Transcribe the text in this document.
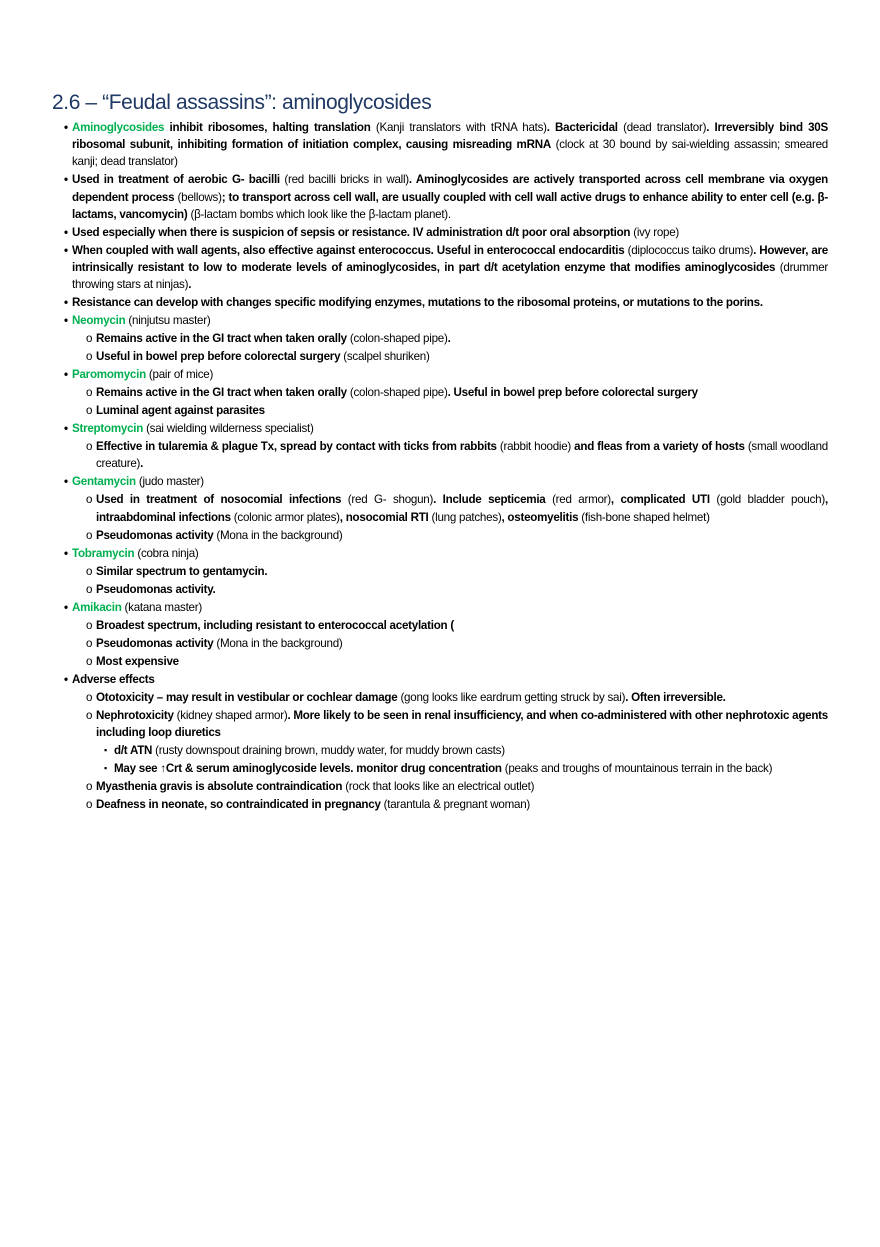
2.6 – “Feudal assassins”: aminoglycosides
• Aminoglycosides inhibit ribosomes, halting translation (Kanji translators with tRNA hats). Bactericidal (dead translator). Irreversibly bind 30S ribosomal subunit, inhibiting formation of initiation complex, causing misreading mRNA (clock at 30 bound by sai-wielding assassin; smeared kanji; dead translator)
• Used in treatment of aerobic G- bacilli (red bacilli bricks in wall). Aminoglycosides are actively transported across cell membrane via oxygen dependent process (bellows); to transport across cell wall, are usually coupled with cell wall active drugs to enhance ability to enter cell (e.g. β-lactams, vancomycin) (β-lactam bombs which look like the β-lactam planet).
• Used especially when there is suspicion of sepsis or resistance. IV administration d/t poor oral absorption (ivy rope)
• When coupled with wall agents, also effective against enterococcus. Useful in enterococcal endocarditis (diplococcus taiko drums). However, are intrinsically resistant to low to moderate levels of aminoglycosides, in part d/t acetylation enzyme that modifies aminoglycosides (drummer throwing stars at ninjas).
• Resistance can develop with changes specific modifying enzymes, mutations to the ribosomal proteins, or mutations to the porins.
• Neomycin (ninjutsu master)
o Remains active in the GI tract when taken orally (colon-shaped pipe).
o Useful in bowel prep before colorectal surgery (scalpel shuriken)
• Paromomycin (pair of mice)
o Remains active in the GI tract when taken orally (colon-shaped pipe). Useful in bowel prep before colorectal surgery
o Luminal agent against parasites
• Streptomycin (sai wielding wilderness specialist)
o Effective in tularemia & plague Tx, spread by contact with ticks from rabbits (rabbit hoodie) and fleas from a variety of hosts (small woodland creature).
• Gentamycin (judo master)
o Used in treatment of nosocomial infections (red G- shogun). Include septicemia (red armor), complicated UTI (gold bladder pouch), intraabdominal infections (colonic armor plates), nosocomial RTI (lung patches), osteomyelitis (fish-bone shaped helmet)
o Pseudomonas activity (Mona in the background)
• Tobramycin (cobra ninja)
o Similar spectrum to gentamycin.
o Pseudomonas activity.
• Amikacin (katana master)
o Broadest spectrum, including resistant to enterococcal acetylation (
o Pseudomonas activity (Mona in the background)
o Most expensive
• Adverse effects
o Ototoxicity – may result in vestibular or cochlear damage (gong looks like eardrum getting struck by sai). Often irreversible.
o Nephrotoxicity (kidney shaped armor). More likely to be seen in renal insufficiency, and when co-administered with other nephrotoxic agents including loop diuretics
▪ d/t ATN (rusty downspout draining brown, muddy water, for muddy brown casts)
▪ May see ↑Crt & serum aminoglycoside levels. monitor drug concentration (peaks and troughs of mountainous terrain in the back)
o Myasthenia gravis is absolute contraindication (rock that looks like an electrical outlet)
o Deafness in neonate, so contraindicated in pregnancy (tarantula & pregnant woman)
